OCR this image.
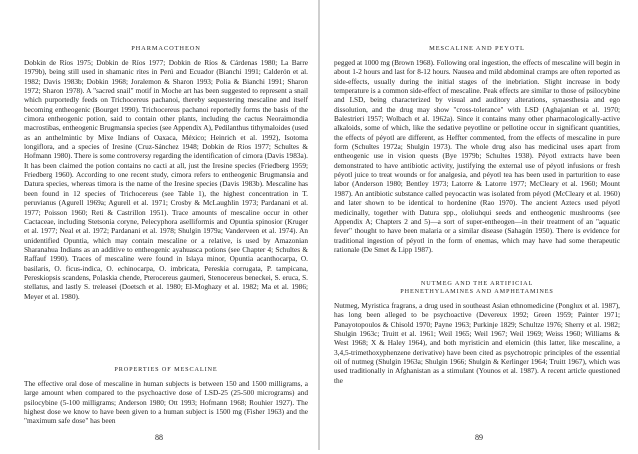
PHARMACOTHEON
Dobkin de Ríos 1975; Dobkin de Ríos 1977; Dobkin de Ríos & Cárdenas 1980; La Barre 1979b), being still used in shamanic rites in Perú and Ecuador (Bianchi 1991; Calderón et al. 1982; Davis 1983b; Dobkin 1968; Joralemon & Sharon 1993; Polia & Bianchi 1991; Sharon 1972; Sharon 1978). A "sacred snail" motif in Moche art has been suggested to represent a snail which purportedly feeds on Trichocereus pachanoi, thereby sequestering mescaline and itself becoming entheogenic (Bourget 1990). Trichocereus pachanoi reportedly forms the basis of the cimora entheogenic potion, said to contain other plants, including the cactus Neoraimondia macrostibas, entheogenic Brugmansia species (see Appendix A), Pedilanthus tithymaloides (used as an anthelmintic by Mixe Indians of Oaxaca, México; Heinrich et al. 1992), Isotoma longiflora, and a species of Iresine (Cruz-Sánchez 1948; Dobkin de Ríos 1977; Schultes & Hofmann 1980). There is some controversy regarding the identification of cimora (Davis 1983a). It has been claimed the potion contains no cacti at all, just the Iresine species (Friedberg 1959; Friedberg 1960). According to one recent study, cimora refers to entheogenic Brugmansia and Datura species, whereas timora is the name of the Iresine species (Davis 1983b). Mescaline has been found in 12 species of Trichocereus (see Table 1), the highest concentration in T. peruvianus (Agurell 1969a; Agurell et al. 1971; Crosby & McLaughlin 1973; Pardanani et al. 1977; Poisson 1960; Reti & Castrillon 1951). Trace amounts of mescaline occur in other Cactaceae, including Stetsonia coryne, Pelecyphora aselliformis and Opuntia spinosior (Kruger et al. 1977; Neal et al. 1972; Pardanani et al. 1978; Shulgin 1979a; Vanderveen et al. 1974). An unidentified Opuntia, which may contain mescaline or a relative, is used by Amazonian Sharanahua Indians as an additive to entheogenic ayahuasca potions (see Chapter 4; Schultes & Raffauf 1990). Traces of mescaline were found in Islaya minor, Opuntia acanthocarpa, O. basilaris, O. ficus-indica, O. echinocarpa, O. imbricata, Pereskia corrugata, P. tampicana, Pereskiopsis scandens, Polaskia chende, Pterocereus gaumeri, Stenocereus beneckei, S. eruca, S. stellatus, and lastly S. treleasei (Doetsch et al. 1980; El-Moghazy et al. 1982; Ma et al. 1986; Meyer et al. 1980).
PROPERTIES OF MESCALINE
The effective oral dose of mescaline in human subjects is between 150 and 1500 milligrams, a large amount when compared to the psychoactive dose of LSD-25 (25-500 micrograms) and psilocybine (5-100 milligrams; Anderson 1980; Ott 1993; Hofmann 1968; Rouhier 1927). The highest dose we know to have been given to a human subject is 1500 mg (Fisher 1963) and the "maximum safe dose" has been
88
MESCALINE AND PEYOTL
pegged at 1000 mg (Brown 1968). Following oral ingestion, the effects of mescaline will begin in about 1-2 hours and last for 8-12 hours. Nausea and mild abdominal cramps are often reported as side-effects, usually during the initial stages of the inebriation. Slight increase in body temperature is a common side-effect of mescaline. Peak effects are similar to those of psilocybine and LSD, being characterized by visual and auditory alterations, synaesthesia and ego dissolution, and the drug may show "cross-tolerance" with LSD (Aghajanian et al. 1970; Balestrieri 1957; Wolbach et al. 1962a). Since it contains many other pharmacologically-active alkaloids, some of which, like the sedative peyotline or pellotine occur in significant quantities, the effects of péyotl are different, as Heffter commented, from the effects of mescaline in pure form (Schultes 1972a; Shulgin 1973). The whole drug also has medicinal uses apart from entheogenic use in vision quests (Bye 1979b; Schultes 1938). Péyotl extracts have been demonstrated to have antibiotic activity, justifying the external use of péyotl infusions or fresh péyotl juice to treat wounds or for analgesia, and péyotl tea has been used in parturition to ease labor (Anderson 1980; Bentley 1973; Latorre & Latorre 1977; McCleary et al. 1960; Mount 1987). An antibiotic substance called peyocactin was isolated from péyotl (McCleary et al. 1960) and later shown to be identical to hordenine (Rao 1970). The ancient Aztecs used péyotl medicinally, together with Datura spp., ololiuhqui seeds and entheogenic mushrooms (see Appendix A; Chapters 2 and 5)—a sort of super-entheogen—in their treatment of an "aquatic fever" thought to have been malaria or a similar disease (Sahagún 1950). There is evidence for traditional ingestion of péyotl in the form of enemas, which may have had some therapeutic rationale (De Smet & Lipp 1987).
NUTMEG AND THE ARTIFICIAL
PHENETHYLAMINES AND AMPHETAMINES
Nutmeg, Myristica fragrans, a drug used in southeast Asian ethnomedicine (Ponglux et al. 1987), has long been alleged to be psychoactive (Devereux 1992; Green 1959; Painter 1971; Panayotopoulos & Chisold 1970; Payne 1963; Purkinje 1829; Schultze 1976; Sherry et al. 1982; Shulgin 1963c; Truitt et al. 1961; Weil 1965; Weil 1967; Weil 1969; Weiss 1960; Williams & West 1968; X & Haley 1964), and both myristicin and elemicin (this latter, like mescaline, a 3,4,5-trimethoxyphenzene derivative) have been cited as psychotropic principles of the essential oil of nutmeg (Shulgin 1963a; Shulgin 1966; Shulgin & Kerlinger 1964; Truitt 1967), which was used traditionally in Afghanistan as a stimulant (Younos et al. 1987). A recent article questioned the
89
